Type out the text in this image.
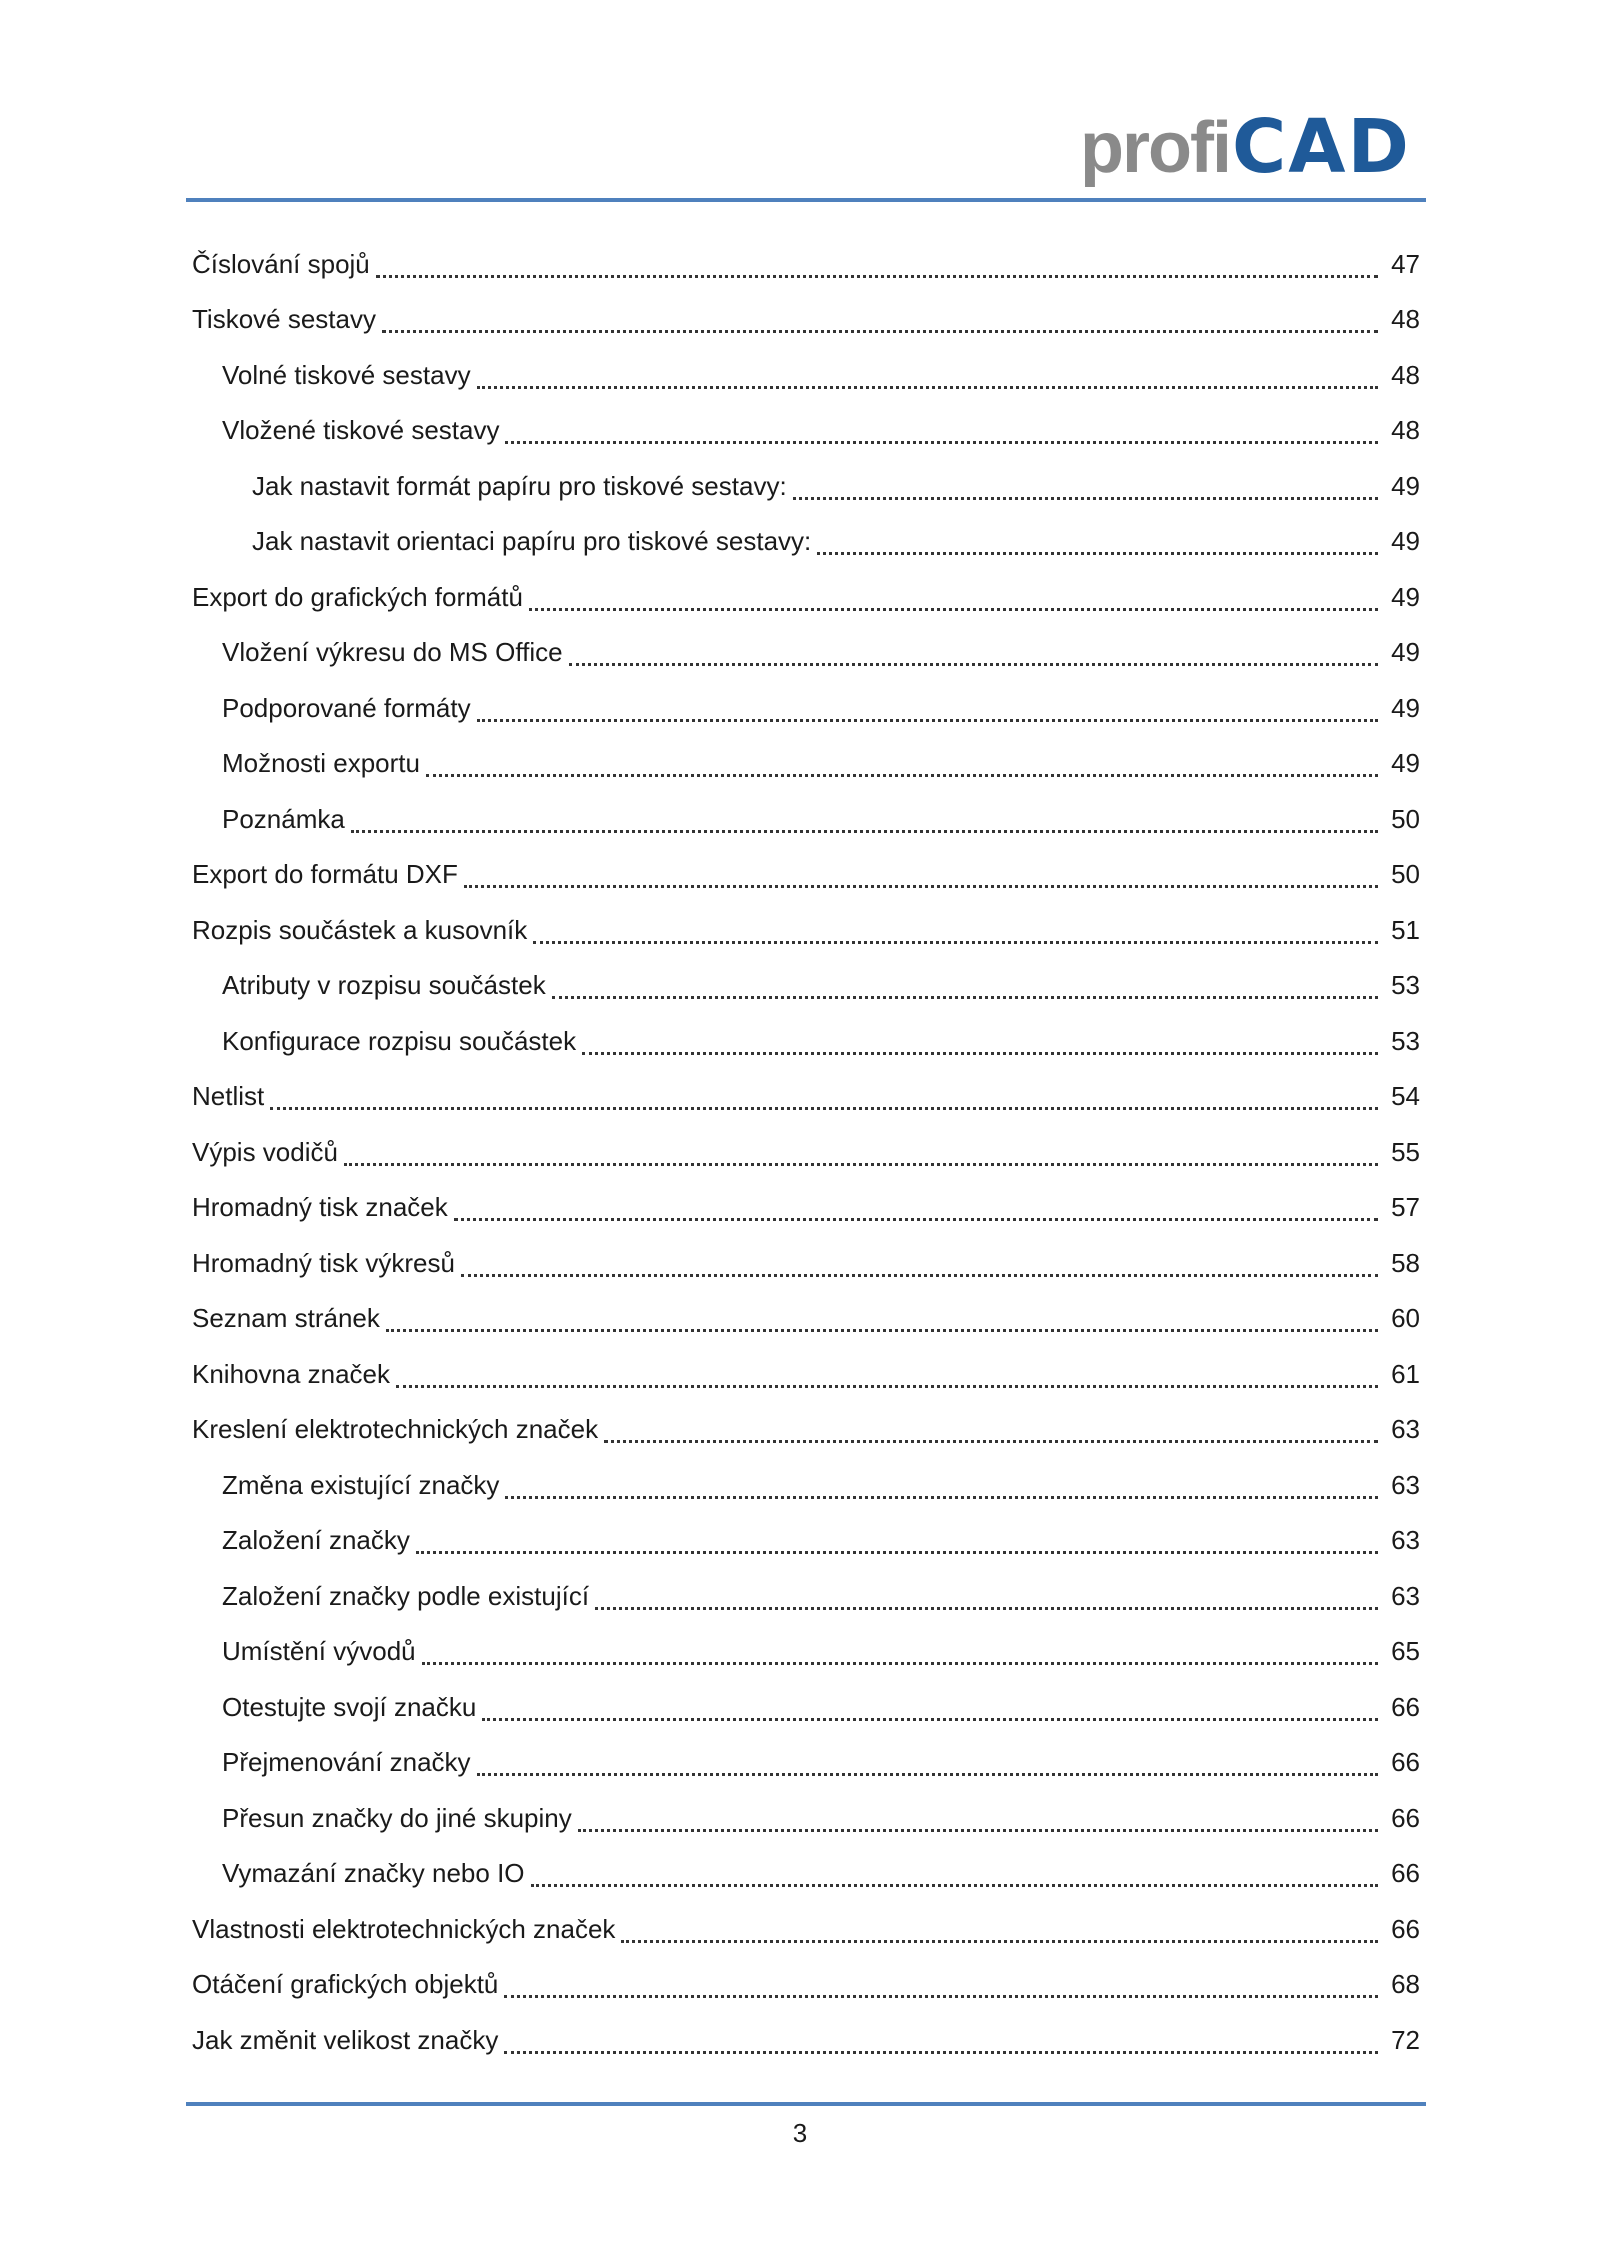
profi CAD
Číslování spojů	47
Tiskové sestavy	48
Volné tiskové sestavy	48
Vložené tiskové sestavy	48
Jak nastavit formát papíru pro tiskové sestavy:	49
Jak nastavit orientaci papíru pro tiskové sestavy:	49
Export do grafických formátů	49
Vložení výkresu do MS Office	49
Podporované formáty	49
Možnosti exportu	49
Poznámka	50
Export do formátu DXF	50
Rozpis součástek a kusovník	51
Atributy v rozpisu součástek	53
Konfigurace rozpisu součástek	53
Netlist	54
Výpis vodičů	55
Hromadný tisk značek	57
Hromadný tisk výkresů	58
Seznam stránek	60
Knihovna značek	61
Kreslení elektrotechnických značek	63
Změna existující značky	63
Založení značky	63
Založení značky podle existující	63
Umístění vývodů	65
Otestujte svojí značku	66
Přejmenování značky	66
Přesun značky do jiné skupiny	66
Vymazání značky nebo IO	66
Vlastnosti elektrotechnických značek	66
Otáčení grafických objektů	68
Jak změnit velikost značky	72
3
